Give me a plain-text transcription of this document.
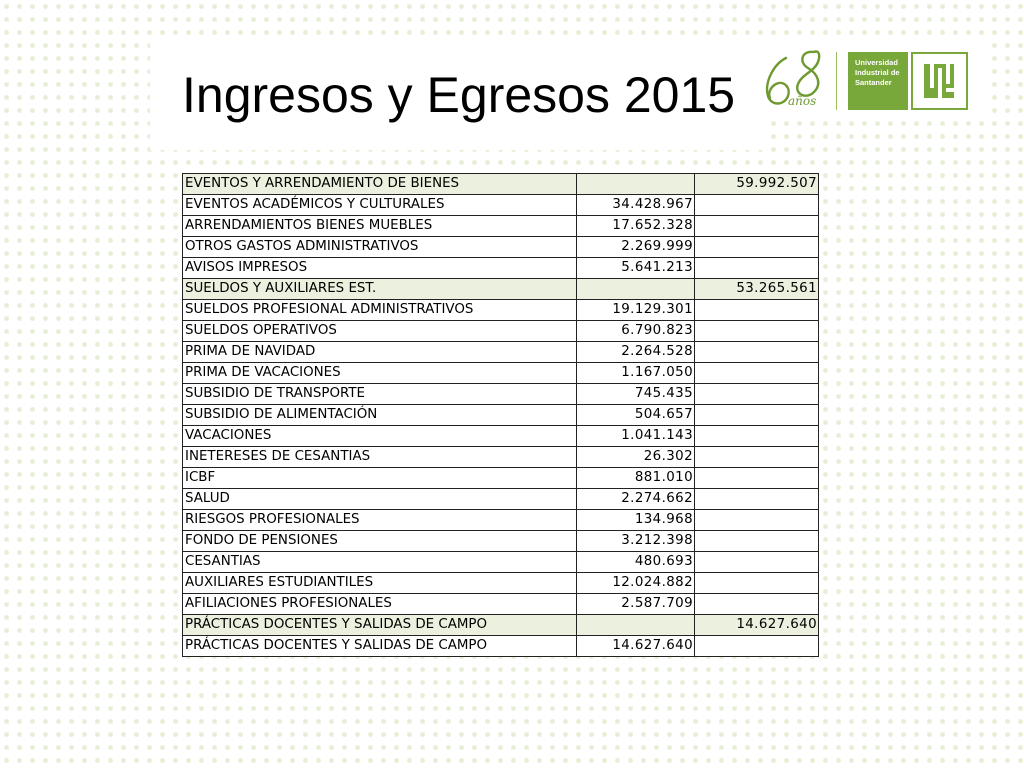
Ingresos y Egresos 2015	años
Universidad
Industrial de
Santander
EVENTOS Y ARRENDAMIENTO DE BIENES		59.992.507
EVENTOS ACADÉMICOS Y CULTURALES	34.428.967	
ARRENDAMIENTOS BIENES MUEBLES	17.652.328	
OTROS GASTOS ADMINISTRATIVOS	2.269.999	
AVISOS IMPRESOS	5.641.213	
SUELDOS Y AUXILIARES EST.		53.265.561
SUELDOS PROFESIONAL ADMINISTRATIVOS	19.129.301	
SUELDOS OPERATIVOS	6.790.823	
PRIMA DE NAVIDAD	2.264.528	
PRIMA DE VACACIONES	1.167.050	
SUBSIDIO DE TRANSPORTE	745.435	
SUBSIDIO DE ALIMENTACIÓN	504.657	
VACACIONES	1.041.143	
INETERESES DE CESANTIAS	26.302	
ICBF	881.010	
SALUD	2.274.662	
RIESGOS PROFESIONALES	134.968	
FONDO DE PENSIONES	3.212.398	
CESANTIAS	480.693	
AUXILIARES ESTUDIANTILES	12.024.882	
AFILIACIONES PROFESIONALES	2.587.709	
PRÁCTICAS DOCENTES Y SALIDAS DE CAMPO		14.627.640
PRÁCTICAS DOCENTES Y SALIDAS DE CAMPO	14.627.640	
